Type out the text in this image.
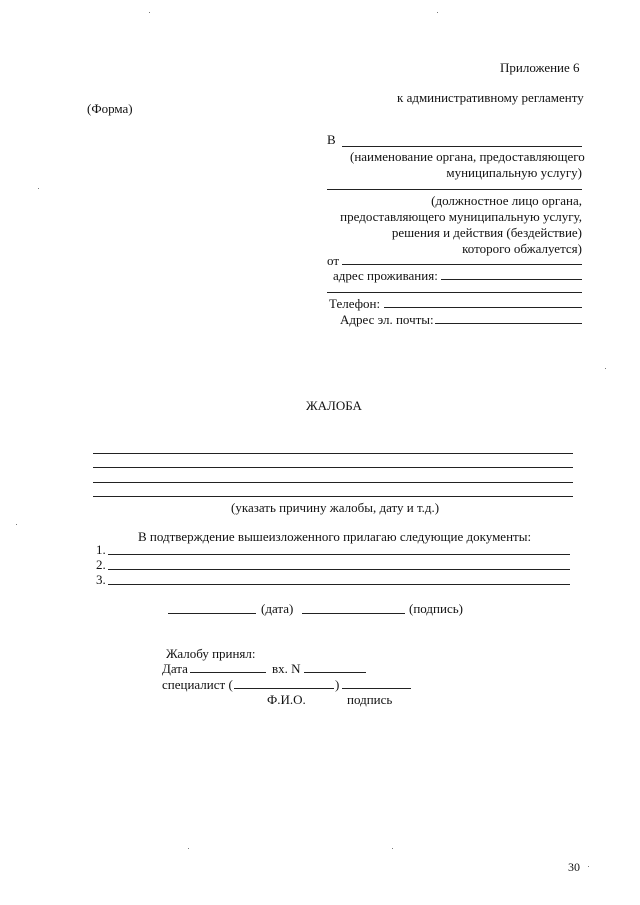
Приложение 6
к административному регламенту
(Форма)
В
(наименование органа, предоставляющего
муниципальную услугу)
(должностное лицо органа,
предоставляющего муниципальную услугу,
решения и действия (бездействие)
которого обжалуется)
от
адрес проживания:
Телефон:
Адрес эл. почты:
ЖАЛОБА
(указать причину жалобы, дату и т.д.)
В подтверждение вышеизложенного прилагаю следующие документы:
1.
2.
3.
(дата)	(подпись)
Жалобу принял:
Дата	вх. N
специалист (	)
Ф.И.О.	подпись
30
